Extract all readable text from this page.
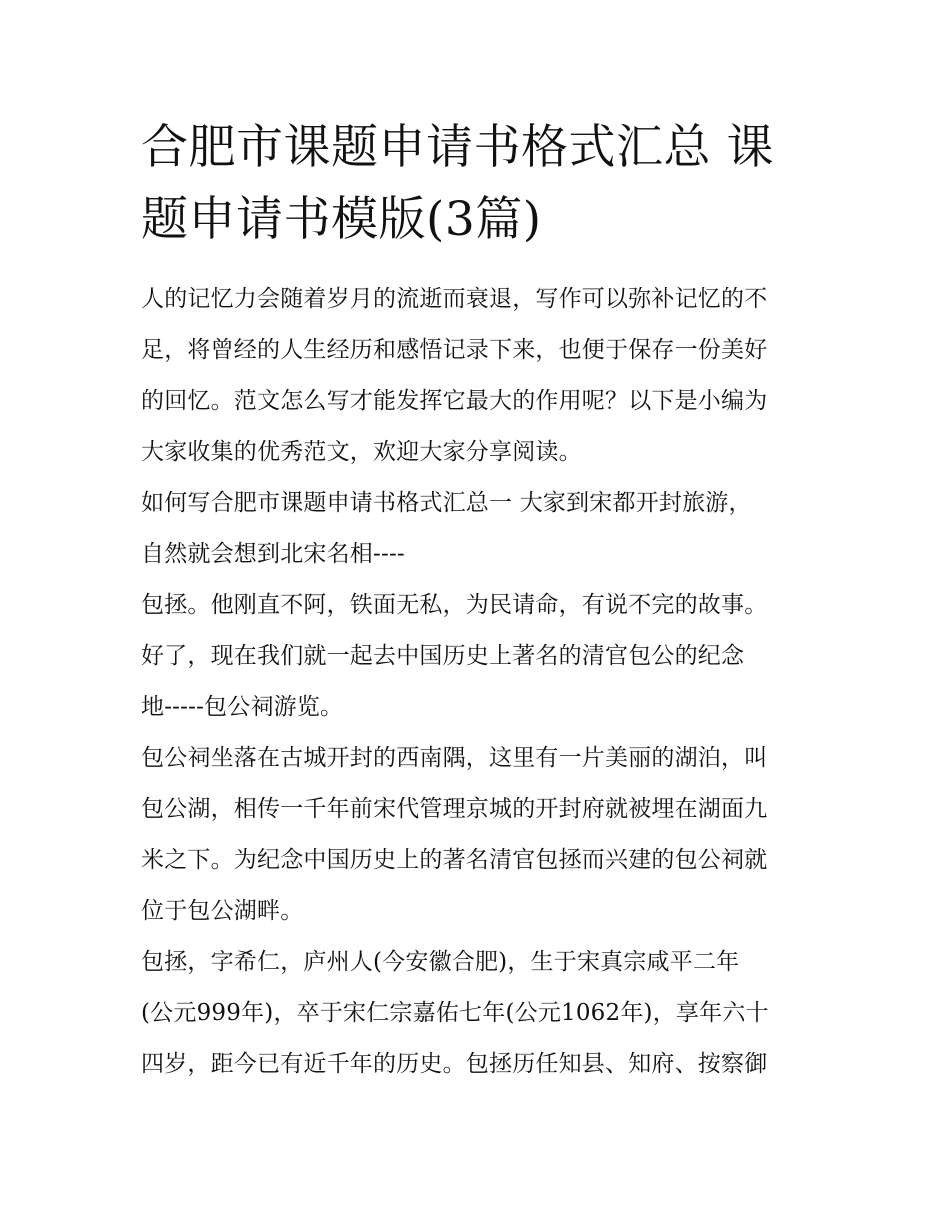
合肥市课题申请书格式汇总 课
题申请书模版(3篇)

人的记忆力会随着岁月的流逝而衰退，写作可以弥补记忆的不
足，将曾经的人生经历和感悟记录下来，也便于保存一份美好
的回忆。范文怎么写才能发挥它最大的作用呢？以下是小编为
大家收集的优秀范文，欢迎大家分享阅读。

如何写合肥市课题申请书格式汇总一 大家到宋都开封旅游，
自然就会想到北宋名相----

包拯。他刚直不阿，铁面无私，为民请命，有说不完的故事。
好了，现在我们就一起去中国历史上著名的清官包公的纪念
地-----包公祠游览。

包公祠坐落在古城开封的西南隅，这里有一片美丽的湖泊，叫
包公湖，相传一千年前宋代管理京城的开封府就被埋在湖面九
米之下。为纪念中国历史上的著名清官包拯而兴建的包公祠就
位于包公湖畔。

包拯，字希仁，庐州人(今安徽合肥)，生于宋真宗咸平二年
(公元999年)，卒于宋仁宗嘉佑七年(公元1062年)，享年六十
四岁，距今已有近千年的历史。包拯历任知县、知府、按察御
